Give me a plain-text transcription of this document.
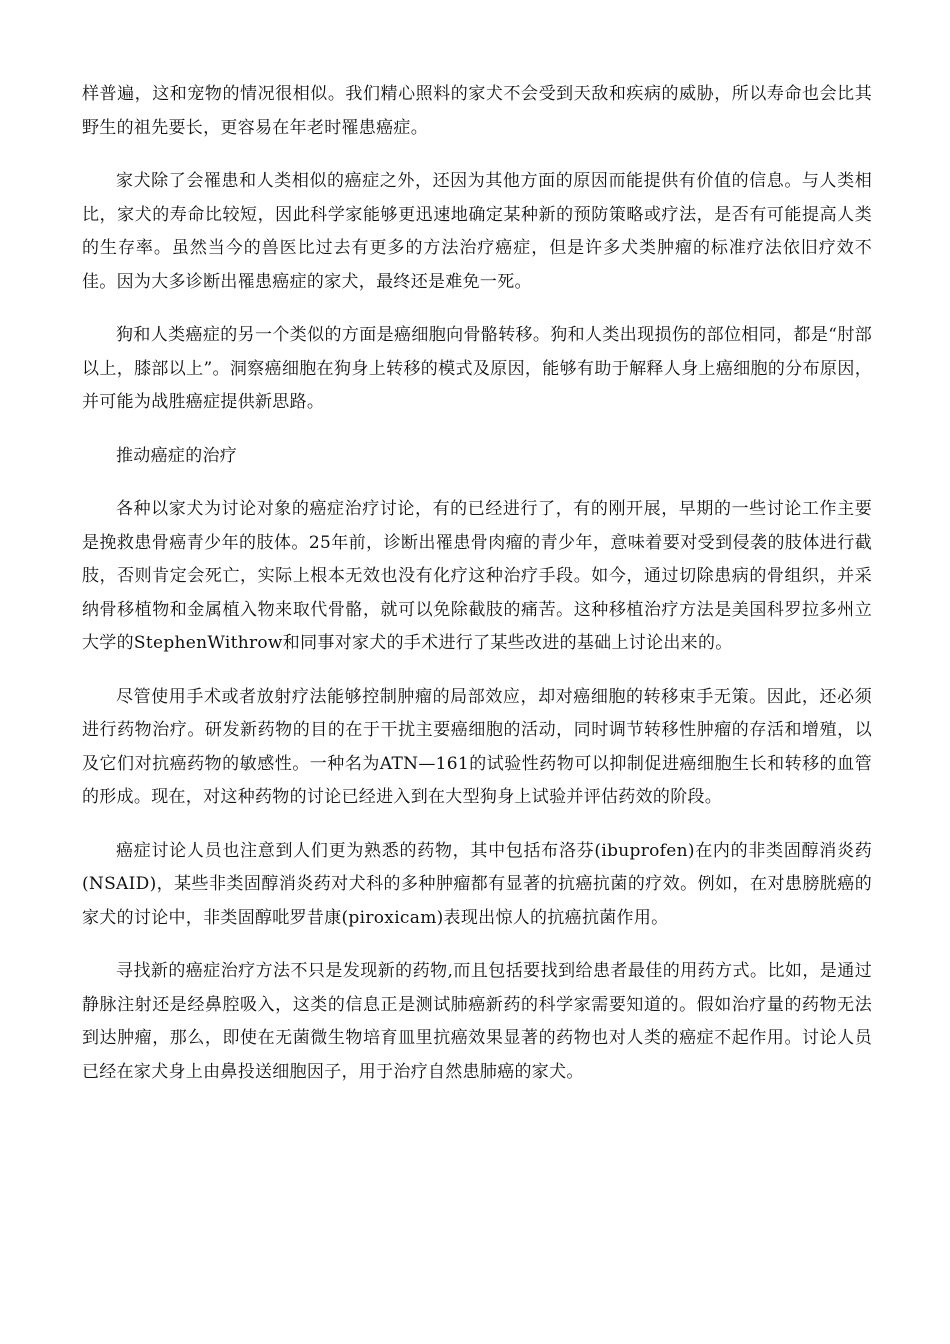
样普遍，这和宠物的情况很相似。我们精心照料的家犬不会受到天敌和疾病的威胁，所以寿命也会比其野生的祖先要长，更容易在年老时罹患癌症。

家犬除了会罹患和人类相似的癌症之外，还因为其他方面的原因而能提供有价值的信息。与人类相比，家犬的寿命比较短，因此科学家能够更迅速地确定某种新的预防策略或疗法，是否有可能提高人类的生存率。虽然当今的兽医比过去有更多的方法治疗癌症，但是许多犬类肿瘤的标准疗法依旧疗效不佳。因为大多诊断出罹患癌症的家犬，最终还是难免一死。

狗和人类癌症的另一个类似的方面是癌细胞向骨骼转移。狗和人类出现损伤的部位相同，都是“肘部以上，膝部以上”。洞察癌细胞在狗身上转移的模式及原因，能够有助于解释人身上癌细胞的分布原因，并可能为战胜癌症提供新思路。

推动癌症的治疗

各种以家犬为讨论对象的癌症治疗讨论，有的已经进行了，有的刚开展，早期的一些讨论工作主要是挽救患骨癌青少年的肢体。25年前，诊断出罹患骨肉瘤的青少年，意味着要对受到侵袭的肢体进行截肢，否则肯定会死亡，实际上根本无效也没有化疗这种治疗手段。如今，通过切除患病的骨组织，并采纳骨移植物和金属植入物来取代骨骼，就可以免除截肢的痛苦。这种移植治疗方法是美国科罗拉多州立大学的StephenWithrow和同事对家犬的手术进行了某些改进的基础上讨论出来的。

尽管使用手术或者放射疗法能够控制肿瘤的局部效应，却对癌细胞的转移束手无策。因此，还必须进行药物治疗。研发新药物的目的在于干扰主要癌细胞的活动，同时调节转移性肿瘤的存活和增殖，以及它们对抗癌药物的敏感性。一种名为ATN—161的试验性药物可以抑制促进癌细胞生长和转移的血管的形成。现在，对这种药物的讨论已经进入到在大型狗身上试验并评估药效的阶段。

癌症讨论人员也注意到人们更为熟悉的药物，其中包括布洛芬(ibuprofen)在内的非类固醇消炎药(NSAID)，某些非类固醇消炎药对犬科的多种肿瘤都有显著的抗癌抗菌的疗效。例如，在对患膀胱癌的家犬的讨论中，非类固醇吡罗昔康(piroxicam)表现出惊人的抗癌抗菌作用。

寻找新的癌症治疗方法不只是发现新的药物,而且包括要找到给患者最佳的用药方式。比如，是通过静脉注射还是经鼻腔吸入，这类的信息正是测试肺癌新药的科学家需要知道的。假如治疗量的药物无法到达肿瘤，那么，即使在无菌微生物培育皿里抗癌效果显著的药物也对人类的癌症不起作用。讨论人员已经在家犬身上由鼻投送细胞因子，用于治疗自然患肺癌的家犬。
